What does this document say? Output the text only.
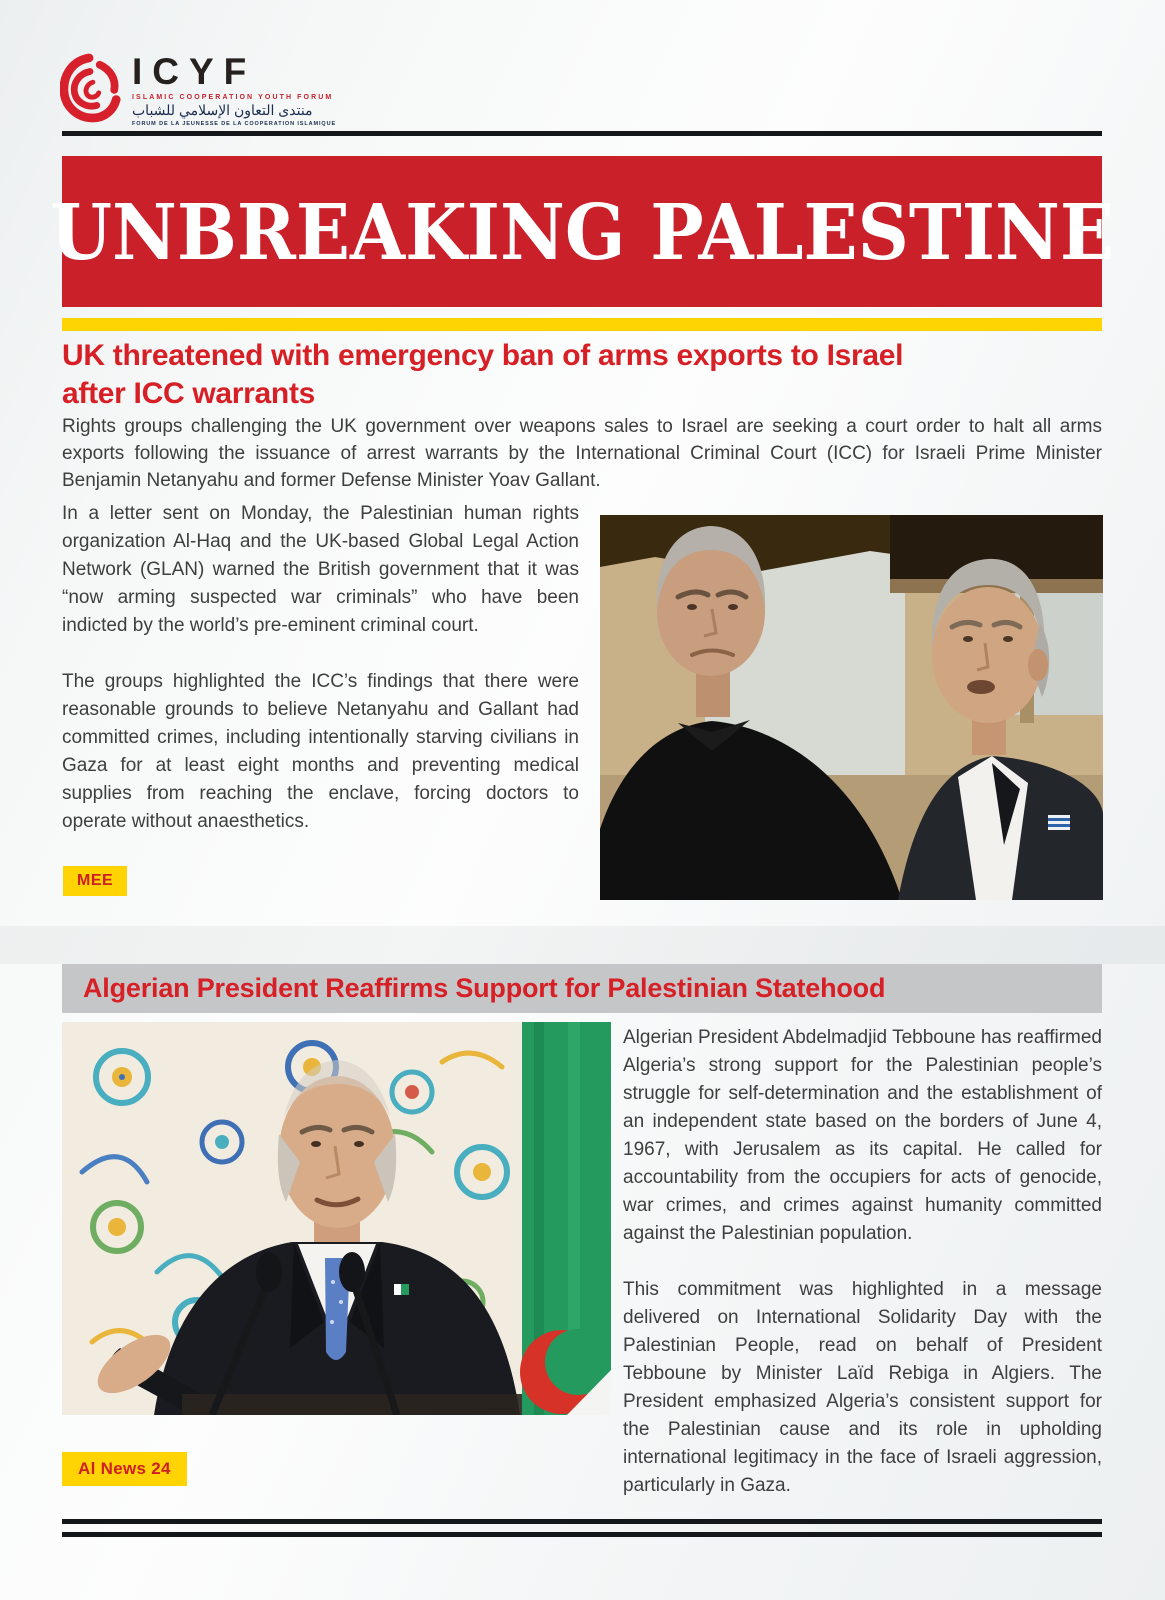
ICYF
ISLAMIC COOPERATION YOUTH FORUM
منتدى التعاون الإسلامي للشباب
FORUM DE LA JEUNESSE DE LA COOPERATION ISLAMIQUE
UNBREAKING PALESTINE
UK threatened with emergency ban of arms exports to Israel after ICC warrants

Rights groups challenging the UK government over weapons sales to Israel are seeking a court order to halt all arms exports following the issuance of arrest warrants by the International Criminal Court (ICC) for Israeli Prime Minister Benjamin Netanyahu and former Defense Minister Yoav Gallant.

In a letter sent on Monday, the Palestinian human rights organization Al-Haq and the UK-based Global Legal Action Network (GLAN) warned the British government that it was “now arming suspected war criminals” who have been indicted by the world’s pre-eminent criminal court.

The groups highlighted the ICC’s findings that there were reasonable grounds to believe Netanyahu and Gallant had committed crimes, including intentionally starving civilians in Gaza for at least eight months and preventing medical supplies from reaching the enclave, forcing doctors to operate without anaesthetics.

MEE
Algerian President Reaffirms Support for Palestinian Statehood

Algerian President Abdelmadjid Tebboune has reaffirmed Algeria’s strong support for the Palestinian people’s struggle for self-determination and the establishment of an independent state based on the borders of June 4, 1967, with Jerusalem as its capital. He called for accountability from the occupiers for acts of genocide, war crimes, and crimes against humanity committed against the Palestinian population.

This commitment was highlighted in a message delivered on International Solidarity Day with the Palestinian People, read on behalf of President Tebboune by Minister Laïd Rebiga in Algiers. The President emphasized Algeria’s consistent support for the Palestinian cause and its role in upholding international legitimacy in the face of Israeli aggression, particularly in Gaza.

Al News 24
